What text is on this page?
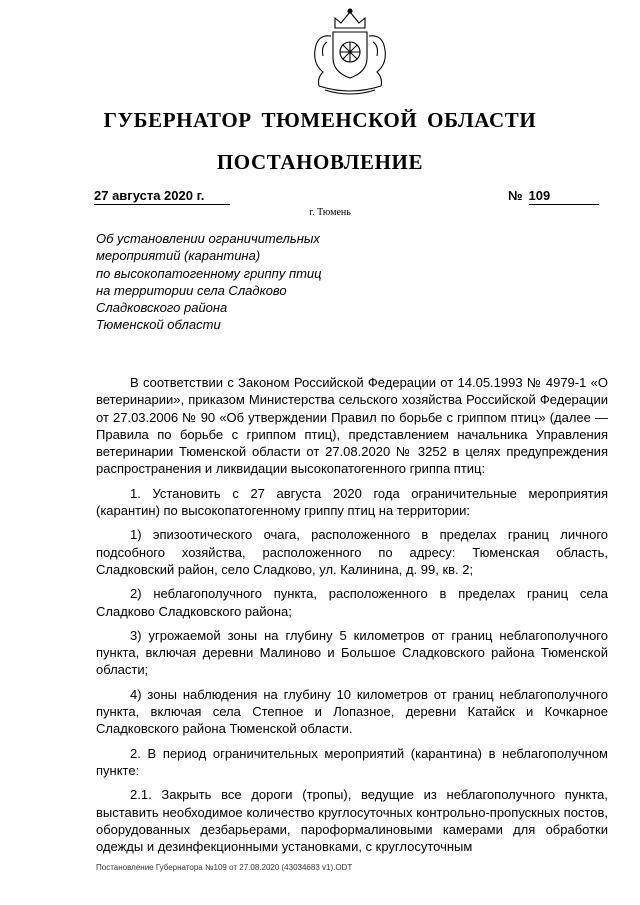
ГУБЕРНАТОР ТЮМЕНСКОЙ ОБЛАСТИ
ПОСТАНОВЛЕНИЕ
27 августа 2020 г.	№ 109
г. Тюмень
Об установлении ограничительных
мероприятий (карантина)
по высокопатогенному гриппу птиц
на территории села Сладково
Сладковского района
Тюменской области

В соответствии с Законом Российской Федерации от 14.05.1993 № 4979-1 «О ветеринарии», приказом Министерства сельского хозяйства Российской Федерации от 27.03.2006 № 90 «Об утверждении Правил по борьбе с гриппом птиц» (далее — Правила по борьбе с гриппом птиц), представлением начальника Управления ветеринарии Тюменской области от 27.08.2020 № 3252 в целях предупреждения распространения и ликвидации высокопатогенного гриппа птиц:

1. Установить с 27 августа 2020 года ограничительные мероприятия (карантин) по высокопатогенному гриппу птиц на территории:

1) эпизоотического очага, расположенного в пределах границ личного подсобного хозяйства, расположенного по адресу: Тюменская область, Сладковский район, село Сладково, ул. Калинина, д. 99, кв. 2;

2) неблагополучного пункта, расположенного в пределах границ села Сладково Сладковского района;

3) угрожаемой зоны на глубину 5 километров от границ неблагополучного пункта, включая деревни Малиново и Большое Сладковского района Тюменской области;

4) зоны наблюдения на глубину 10 километров от границ неблагополучного пункта, включая села Степное и Лопазное, деревни Катайск и Кочкарное Сладковского района Тюменской области.

2. В период ограничительных мероприятий (карантина) в неблагополучном пункте:

2.1. Закрыть все дороги (тропы), ведущие из неблагополучного пункта, выставить необходимое количество круглосуточных контрольно-пропускных постов, оборудованных дезбарьерами, пароформалиновыми камерами для обработки одежды и дезинфекционными установками, с круглосуточным

Постановление Губернатора №109 от 27.08.2020 (43034683 v1).ODT
